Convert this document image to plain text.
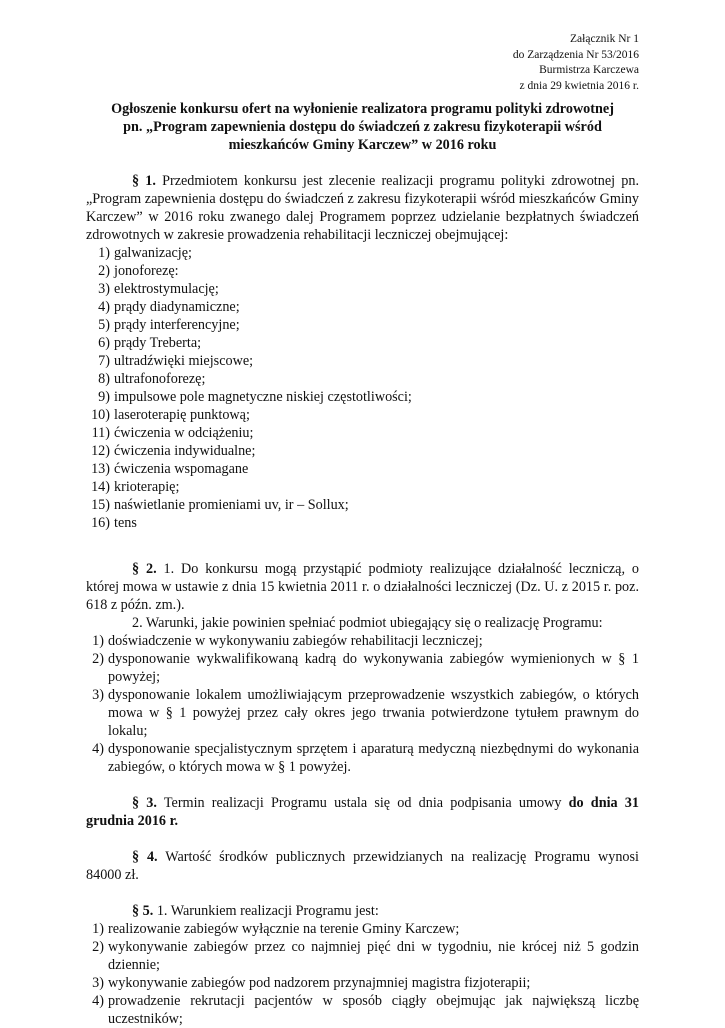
Załącznik Nr 1
do Zarządzenia Nr 53/2016
Burmistrza Karczewa
z dnia 29 kwietnia 2016 r.
Ogłoszenie konkursu ofert na wyłonienie realizatora programu polityki zdrowotnej
pn. „Program zapewnienia dostępu do świadczeń z zakresu fizykoterapii wśród
mieszkańców Gminy Karczew” w 2016 roku
§ 1. Przedmiotem konkursu jest zlecenie realizacji programu polityki zdrowotnej pn. „Program zapewnienia dostępu do świadczeń z zakresu fizykoterapii wśród mieszkańców Gminy Karczew” w 2016 roku zwanego dalej Programem poprzez udzielanie bezpłatnych świadczeń zdrowotnych w zakresie prowadzenia rehabilitacji leczniczej obejmującej:
1) galwanizację;
2) jonoforezę:
3) elektrostymulację;
4) prądy diadynamiczne;
5) prądy interferencyjne;
6) prądy Treberta;
7) ultradźwięki miejscowe;
8) ultrafonoforezę;
9) impulsowe pole magnetyczne niskiej częstotliwości;
10) laseroterapię punktową;
11) ćwiczenia w odciążeniu;
12) ćwiczenia indywidualne;
13) ćwiczenia wspomagane
14) krioterapię;
15) naświetlanie promieniami uv, ir – Sollux;
16) tens
§ 2. 1. Do konkursu mogą przystąpić podmioty realizujące działalność leczniczą, o której mowa w ustawie z dnia 15 kwietnia 2011 r. o działalności leczniczej (Dz. U. z 2015 r. poz. 618 z późn. zm.).
2. Warunki, jakie powinien spełniać podmiot ubiegający się o realizację Programu:
1) doświadczenie w wykonywaniu zabiegów rehabilitacji leczniczej;
2) dysponowanie wykwalifikowaną kadrą do wykonywania zabiegów wymienionych w § 1 powyżej;
3) dysponowanie lokalem umożliwiającym przeprowadzenie wszystkich zabiegów, o których mowa w § 1 powyżej przez cały okres jego trwania potwierdzone tytułem prawnym do lokalu;
4) dysponowanie specjalistycznym sprzętem i aparaturą medyczną niezbędnymi do wykonania zabiegów, o których mowa w § 1 powyżej.
§ 3. Termin realizacji Programu ustala się od dnia podpisania umowy do dnia 31 grudnia 2016 r.
§ 4. Wartość środków publicznych przewidzianych na realizację Programu wynosi 84000 zł.
§ 5. 1. Warunkiem realizacji Programu jest:
1) realizowanie zabiegów wyłącznie na terenie Gminy Karczew;
2) wykonywanie zabiegów przez co najmniej pięć dni w tygodniu, nie krócej niż 5 godzin dziennie;
3) wykonywanie zabiegów pod nadzorem przynajmniej magistra fizjoterapii;
4) prowadzenie rekrutacji pacjentów w sposób ciągły obejmując jak największą liczbę uczestników;
